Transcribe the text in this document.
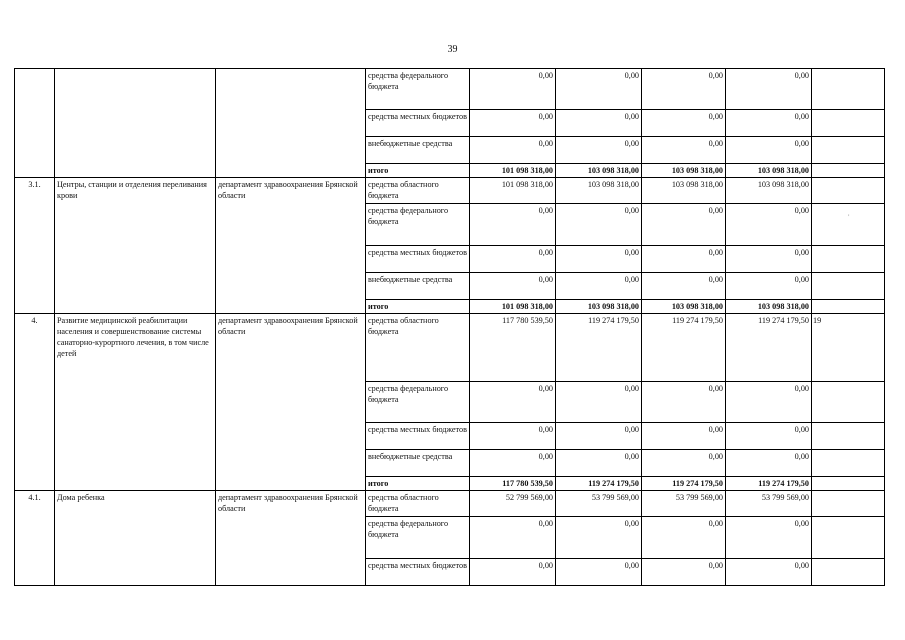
39
			средства федерального бюджета	0,00	0,00	0,00	0,00	
			средства местных бюджетов	0,00	0,00	0,00	0,00	
			внебюджетные средства	0,00	0,00	0,00	0,00	
			итого	101 098 318,00	103 098 318,00	103 098 318,00	103 098 318,00	
3.1.	Центры, станции и отделения переливания крови	департамент здравоохранения Брянской области	средства областного бюджета	101 098 318,00	103 098 318,00	103 098 318,00	103 098 318,00	
			средства федерального бюджета	0,00	0,00	0,00	0,00	
			средства местных бюджетов	0,00	0,00	0,00	0,00	
			внебюджетные средства	0,00	0,00	0,00	0,00	
			итого	101 098 318,00	103 098 318,00	103 098 318,00	103 098 318,00	
4.	Развитие медицинской реабилитации населения и совершенствование системы санаторно-курортного лечения, в том числе детей	департамент здравоохранения Брянской области	средства областного бюджета	117 780 539,50	119 274 179,50	119 274 179,50	119 274 179,50	19
			средства федерального бюджета	0,00	0,00	0,00	0,00	
			средства местных бюджетов	0,00	0,00	0,00	0,00	
			внебюджетные средства	0,00	0,00	0,00	0,00	
			итого	117 780 539,50	119 274 179,50	119 274 179,50	119 274 179,50	
4.1.	Дома ребенка	департамент здравоохранения Брянской области	средства областного бюджета	52 799 569,00	53 799 569,00	53 799 569,00	53 799 569,00	
			средства федерального бюджета	0,00	0,00	0,00	0,00	
			средства местных бюджетов	0,00	0,00	0,00	0,00	
,
